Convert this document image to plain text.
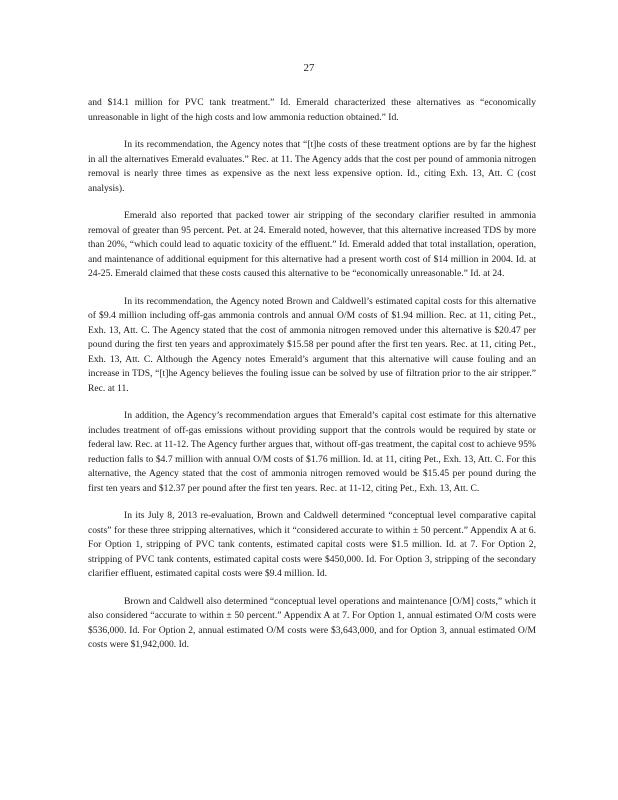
27

and $14.1 million for PVC tank treatment.” Id. Emerald characterized these alternatives as “economically unreasonable in light of the high costs and low ammonia reduction obtained.” Id.

In its recommendation, the Agency notes that “[t]he costs of these treatment options are by far the highest in all the alternatives Emerald evaluates.” Rec. at 11. The Agency adds that the cost per pound of ammonia nitrogen removal is nearly three times as expensive as the next less expensive option. Id., citing Exh. 13, Att. C (cost analysis).

Emerald also reported that packed tower air stripping of the secondary clarifier resulted in ammonia removal of greater than 95 percent. Pet. at 24. Emerald noted, however, that this alternative increased TDS by more than 20%, “which could lead to aquatic toxicity of the effluent.” Id. Emerald added that total installation, operation, and maintenance of additional equipment for this alternative had a present worth cost of $14 million in 2004. Id. at 24-25. Emerald claimed that these costs caused this alternative to be “economically unreasonable.” Id. at 24.

In its recommendation, the Agency noted Brown and Caldwell’s estimated capital costs for this alternative of $9.4 million including off-gas ammonia controls and annual O/M costs of $1.94 million. Rec. at 11, citing Pet., Exh. 13, Att. C. The Agency stated that the cost of ammonia nitrogen removed under this alternative is $20.47 per pound during the first ten years and approximately $15.58 per pound after the first ten years. Rec. at 11, citing Pet., Exh. 13, Att. C. Although the Agency notes Emerald’s argument that this alternative will cause fouling and an increase in TDS, “[t]he Agency believes the fouling issue can be solved by use of filtration prior to the air stripper.” Rec. at 11.

In addition, the Agency’s recommendation argues that Emerald’s capital cost estimate for this alternative includes treatment of off-gas emissions without providing support that the controls would be required by state or federal law. Rec. at 11-12. The Agency further argues that, without off-gas treatment, the capital cost to achieve 95% reduction falls to $4.7 million with annual O/M costs of $1.76 million. Id. at 11, citing Pet., Exh. 13, Att. C. For this alternative, the Agency stated that the cost of ammonia nitrogen removed would be $15.45 per pound during the first ten years and $12.37 per pound after the first ten years. Rec. at 11-12, citing Pet., Exh. 13, Att. C.

In its July 8, 2013 re-evaluation, Brown and Caldwell determined “conceptual level comparative capital costs” for these three stripping alternatives, which it “considered accurate to within ± 50 percent.” Appendix A at 6. For Option 1, stripping of PVC tank contents, estimated capital costs were $1.5 million. Id. at 7. For Option 2, stripping of PVC tank contents, estimated capital costs were $450,000. Id. For Option 3, stripping of the secondary clarifier effluent, estimated capital costs were $9.4 million. Id.

Brown and Caldwell also determined “conceptual level operations and maintenance [O/M] costs,” which it also considered “accurate to within ± 50 percent.” Appendix A at 7. For Option 1, annual estimated O/M costs were $536,000. Id. For Option 2, annual estimated O/M costs were $3,643,000, and for Option 3, annual estimated O/M costs were $1,942,000. Id.
